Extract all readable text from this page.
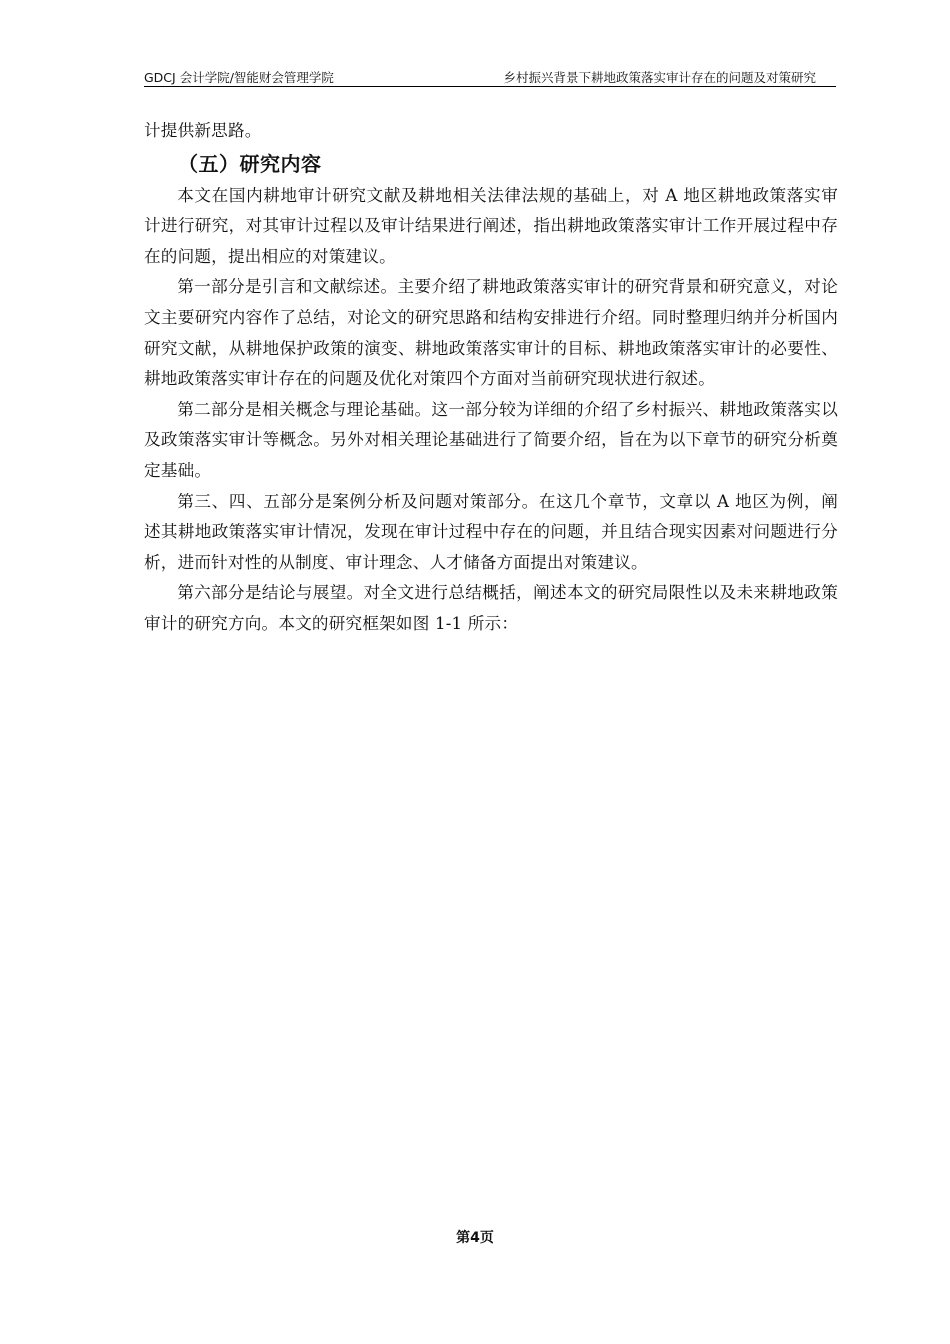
GDCJ 会计学院/智能财会管理学院	乡村振兴背景下耕地政策落实审计存在的问题及对策研究

计提供新思路。

（五）研究内容

本文在国内耕地审计研究文献及耕地相关法律法规的基础上，对 A 地区耕地政策落实审计进行研究，对其审计过程以及审计结果进行阐述，指出耕地政策落实审计工作开展过程中存在的问题，提出相应的对策建议。

第一部分是引言和文献综述。主要介绍了耕地政策落实审计的研究背景和研究意义，对论文主要研究内容作了总结，对论文的研究思路和结构安排进行介绍。同时整理归纳并分析国内研究文献，从耕地保护政策的演变、耕地政策落实审计的目标、耕地政策落实审计的必要性、耕地政策落实审计存在的问题及优化对策四个方面对当前研究现状进行叙述。

第二部分是相关概念与理论基础。这一部分较为详细的介绍了乡村振兴、耕地政策落实以及政策落实审计等概念。另外对相关理论基础进行了简要介绍，旨在为以下章节的研究分析奠定基础。

第三、四、五部分是案例分析及问题对策部分。在这几个章节，文章以 A 地区为例，阐述其耕地政策落实审计情况，发现在审计过程中存在的问题，并且结合现实因素对问题进行分析，进而针对性的从制度、审计理念、人才储备方面提出对策建议。

第六部分是结论与展望。对全文进行总结概括，阐述本文的研究局限性以及未来耕地政策审计的研究方向。本文的研究框架如图 1-1 所示：

第4页
